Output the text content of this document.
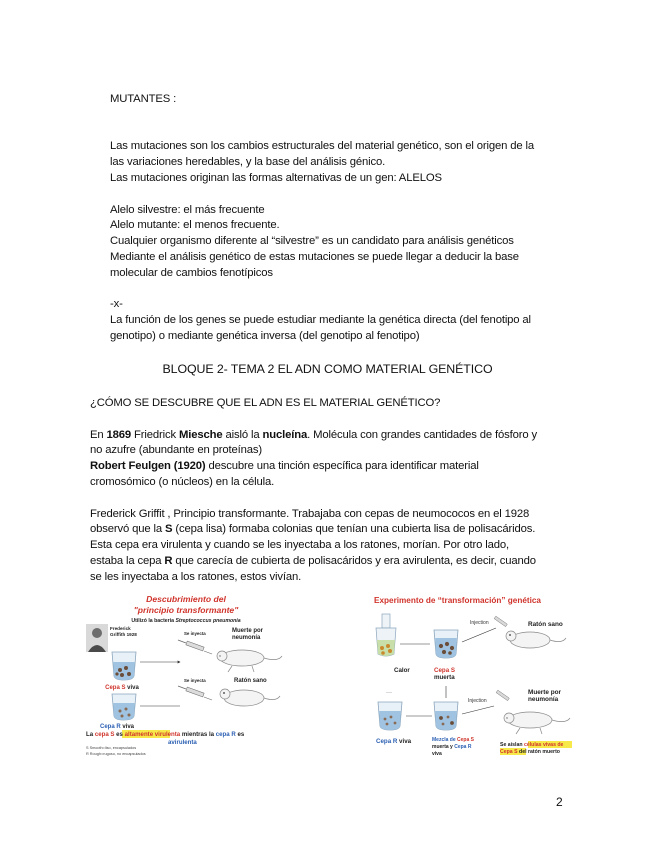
MUTANTES :

Las mutaciones son los cambios estructurales del material genético, son el origen de la

las variaciones heredables, y la base del análisis génico.

Las mutaciones originan las formas alternativas de un gen: ALELOS

Alelo silvestre: el más frecuente

Alelo mutante: el menos frecuente.

Cualquier organismo diferente al “silvestre” es un candidato para análisis genéticos

Mediante el análisis genético de estas mutaciones se puede llegar a deducir la base

molecular de cambios fenotípicos

-x-

La función de los genes se puede estudiar mediante la genética directa (del fenotipo al

genotipo) o mediante genética inversa (del genotipo al fenotipo)

BLOQUE 2- TEMA 2 EL ADN COMO MATERIAL GENÉTICO

¿CÓMO SE DESCUBRE QUE EL ADN ES EL MATERIAL GENÉTICO?

En 1869 Friedrick Miesche aisló la nucleína. Molécula con grandes cantidades de fósforo y

no azufre (abundante en proteínas)

Robert Feulgen (1920) descubre una tinción específica para identificar material

cromosómico (o núcleos) en la célula.

Frederick Griffit , Principio transformante. Trabajaba con cepas de neumococos en el 1928

observó que la S (cepa lisa) formaba colonias que tenían una cubierta lisa de polisacáridos.

Esta cepa era virulenta y cuando se les inyectaba a los ratones, morían. Por otro lado,

estaba la cepa R que carecía de cubierta de polisacáridos y era avirulenta, es decir, cuando

se les inyectaba a los ratones, estos vivían.

Descubrimiento del
"principio transformante"
Utilizó la bacteria Streptococcus pneumonia
Frederick
Griffith 1928
Cepa S viva
Se inyecta
x
Muerte por
neumonía
Cepa R viva
Se inyecta	Ratón sano
La cepa S es altamente virulenta mientras la cepa R es
avirulenta
S Smooth=liso, encapsulados
R Rough=rugoso, no encapsulados
Experimento de “transformación” genética
Calor	Cepa S
muerta
Injection	Ratón sano
···
Cepa R viva	Mezcla de Cepa S
muerta y Cepa R
viva
Injection
x
Muerte por
neumonía
Se aíslan células vivas de
Cepa S del ratón muerto
2
